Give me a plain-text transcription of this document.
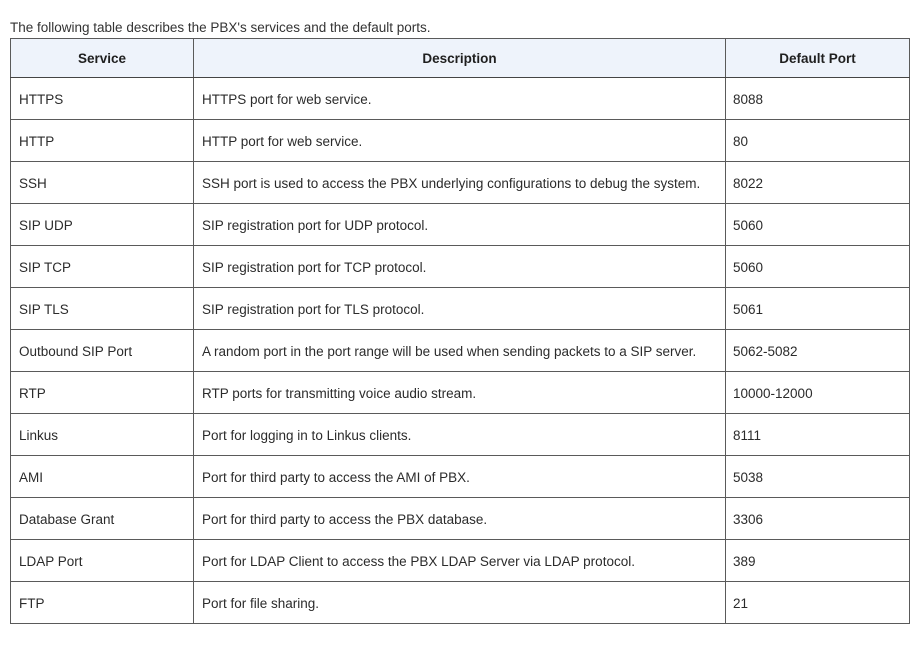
The following table describes the PBX's services and the default ports.

Service	Description	Default Port
HTTPS	HTTPS port for web service.	8088
HTTP	HTTP port for web service.	80
SSH	SSH port is used to access the PBX underlying configurations to debug the system.	8022
SIP UDP	SIP registration port for UDP protocol.	5060
SIP TCP	SIP registration port for TCP protocol.	5060
SIP TLS	SIP registration port for TLS protocol.	5061
Outbound SIP Port	A random port in the port range will be used when sending packets to a SIP server.	5062-5082
RTP	RTP ports for transmitting voice audio stream.	10000-12000
Linkus	Port for logging in to Linkus clients.	8111
AMI	Port for third party to access the AMI of PBX.	5038
Database Grant	Port for third party to access the PBX database.	3306
LDAP Port	Port for LDAP Client to access the PBX LDAP Server via LDAP protocol.	389
FTP	Port for file sharing.	21
